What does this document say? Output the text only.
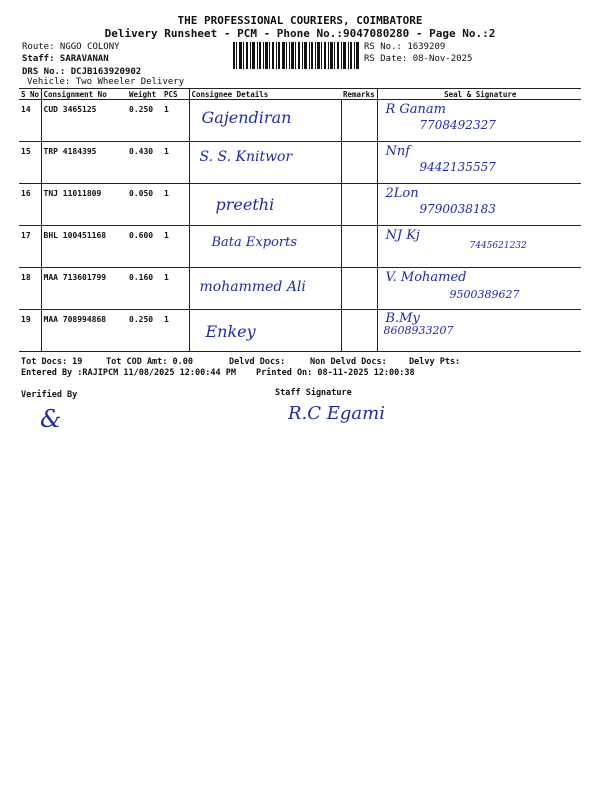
THE PROFESSIONAL COURIERS, COIMBATORE
Delivery Runsheet - PCM - Phone No.:9047080280 - Page No.:2
Route: NGGO COLONY
Staff: SARAVANAN
DRS No.: DCJB163920902
Vehicle: Two Wheeler Delivery
RS No.: 1639209
RS Date: 08-Nov-2025
S No	Consignment No	Weight	PCS	Consignee Details	Remarks	Seal & Signature
14	CUD 3465125	0.250	1	Gajendiran		R Ganam
7708492327

15	TRP 4184395	0.430	1	S. S. Knitwor		Nnf
9442135557

16	TNJ 11011809	0.050	1	preethi		2Lon
9790038183

17	BHL 100451168	0.600	1	Bata Exports		NJ Kj
7445621232

18	MAA 713601799	0.160	1	mohammed Ali		V. Mohamed
9500389627

19	MAA 708994868	0.250	1	Enkey		B.My
8608933207
Tot Docs: 19	Tot COD Amt: 0.00	Delvd Docs:	Non Delvd Docs:	Delvy Pts:
Entered By :RAJIPCM 11/08/2025 12:00:44 PM Printed On: 08-11-2025 12:00:38
Verified By	Staff Signature
&	R.C Egami
